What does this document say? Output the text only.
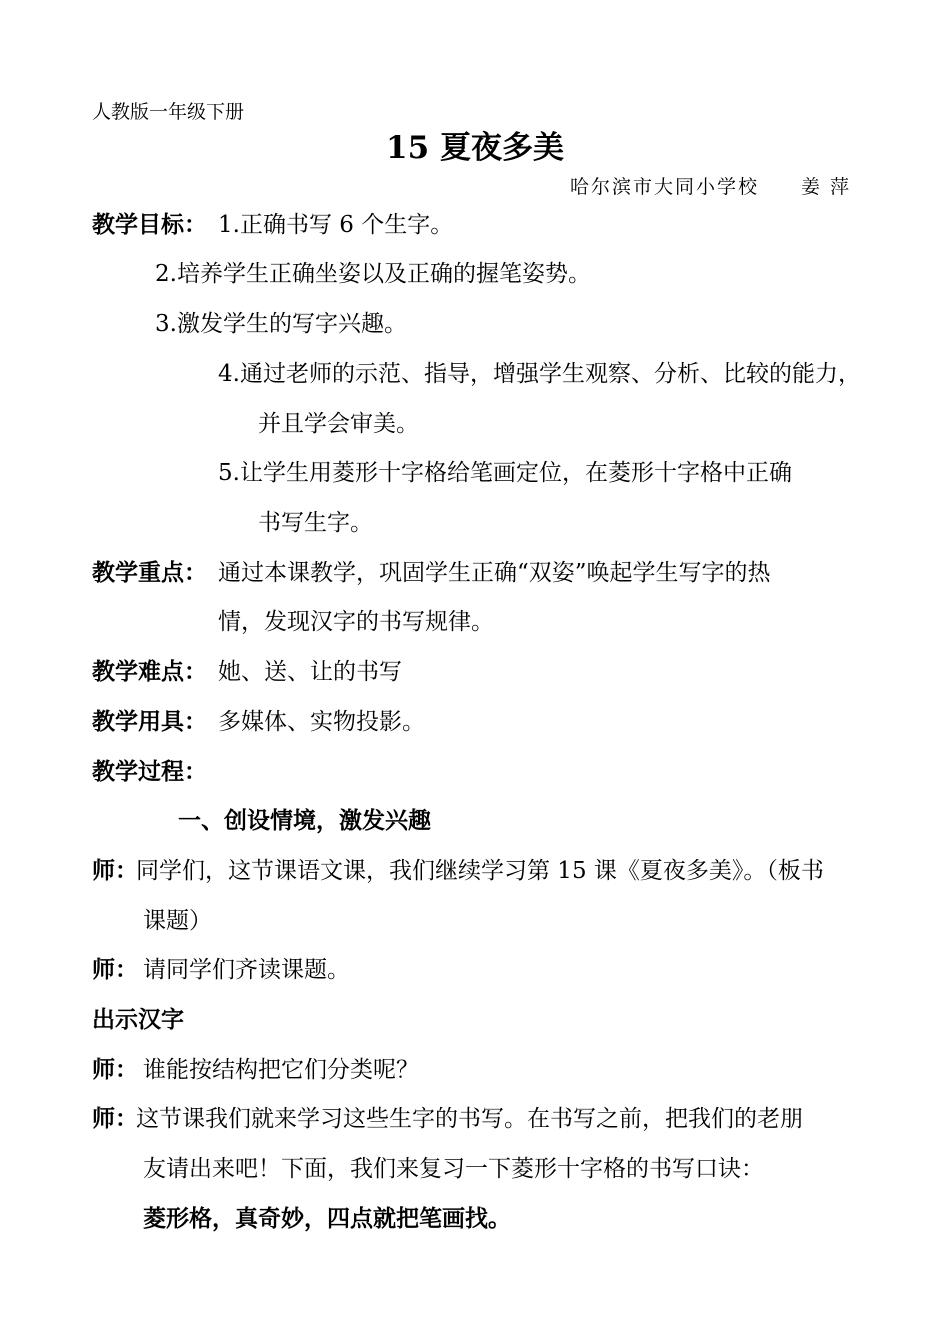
人教版一年级下册
15 夏夜多美
哈尔滨市大同小学校　　姜 萍
教学目标： 1.正确书写 6 个生字。
2.培养学生正确坐姿以及正确的握笔姿势。
3.激发学生的写字兴趣。
4.通过老师的示范、指导，增强学生观察、分析、比较的能力，
并且学会审美。
5.让学生用菱形十字格给笔画定位，在菱形十字格中正确
书写生字。
教学重点： 通过本课教学，巩固学生正确“双姿”唤起学生写字的热
情，发现汉字的书写规律。
教学难点： 她、送、让的书写
教学用具： 多媒体、实物投影。
教学过程：
一、创设情境，激发兴趣
师：
同学们，这节课语文课，我们继续学习第 15 课《夏夜多美》。（板书
课题）
师： 请同学们齐读课题。
出示汉字
师： 谁能按结构把它们分类呢？
师：
这节课我们就来学习这些生字的书写。在书写之前，把我们的老朋
友请出来吧！下面，我们来复习一下菱形十字格的书写口诀：
菱形格，真奇妙，四点就把笔画找。
